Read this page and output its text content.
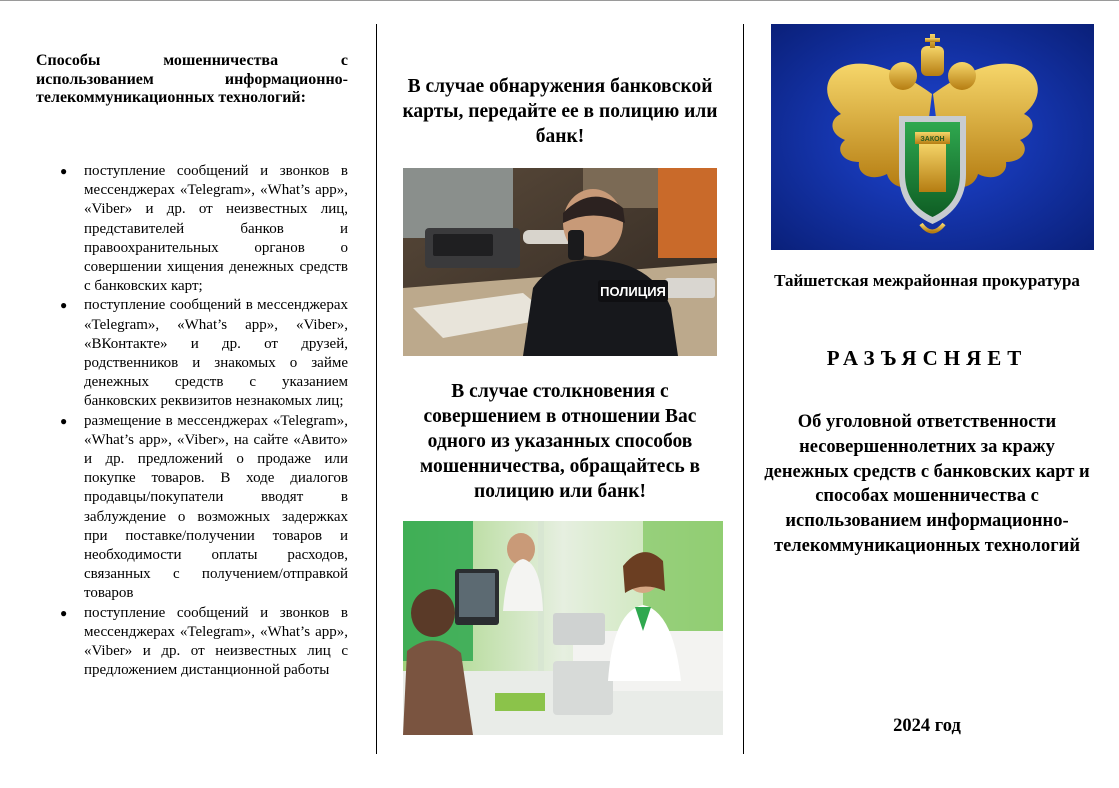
Способы мошенничества с использованием информационно-телекоммуникационных технологий:

● поступление сообщений и звонков в мессенджерах «Telegram», «What’s app», «Viber» и др. от неизвестных лиц, представителей банков и правоохранительных органов о совершении хищения денежных средств с банковских карт;
● поступление сообщений в мессенджерах «Telegram», «What’s app», «Viber», «ВКонтакте» и др. от друзей, родственников и знакомых о займе денежных средств с указанием банковских реквизитов незнакомых лиц;
● размещение в мессенджерах «Telegram», «What’s app», «Viber», на сайте «Авито» и др. предложений о продаже или покупке товаров. В ходе диалогов продавцы/покупатели вводят в заблуждение о возможных задержках при поставке/получении товаров и необходимости оплаты расходов, связанных с получением/отправкой товаров
● поступление сообщений и звонков в мессенджерах «Telegram», «What’s app», «Viber» и др. от неизвестных лиц с предложением дистанционной работы

В случае обнаружения банковской карты, передайте ее в полицию или банк!

ПОЛИЦИЯ

В случае столкновения с совершением в отношении Вас одного из указанных способов мошенничества, обращайтесь в полицию или банк!

ЗАКОН
Тайшетская межрайонная прокуратура
РАЗЪЯСНЯЕТ
Об уголовной ответственности несовершеннолетних за кражу денежных средств с банковских карт и способах мошенничества с использованием информационно-телекоммуникационных технологий
2024 год
